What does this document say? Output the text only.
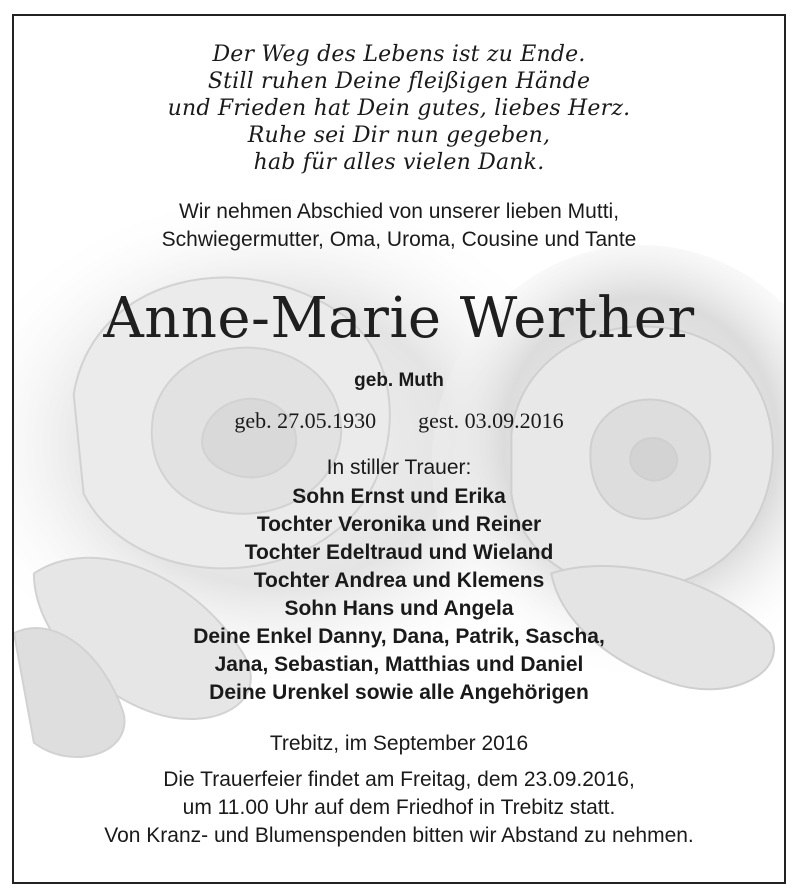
Der Weg des Lebens ist zu Ende.
Still ruhen Deine fleißigen Hände
und Frieden hat Dein gutes, liebes Herz.
Ruhe sei Dir nun gegeben,
hab für alles vielen Dank.
Wir nehmen Abschied von unserer lieben Mutti,
Schwiegermutter, Oma, Uroma, Cousine und Tante
Anne-Marie Werther
geb. Muth
geb. 27.05.1930 gest. 03.09.2016
In stiller Trauer:
Sohn Ernst und Erika
Tochter Veronika und Reiner
Tochter Edeltraud und Wieland
Tochter Andrea und Klemens
Sohn Hans und Angela
Deine Enkel Danny, Dana, Patrik, Sascha,
Jana, Sebastian, Matthias und Daniel
Deine Urenkel sowie alle Angehörigen
Trebitz, im September 2016
Die Trauerfeier findet am Freitag, dem 23.09.2016,
um 11.00 Uhr auf dem Friedhof in Trebitz statt.
Von Kranz- und Blumenspenden bitten wir Abstand zu nehmen.
